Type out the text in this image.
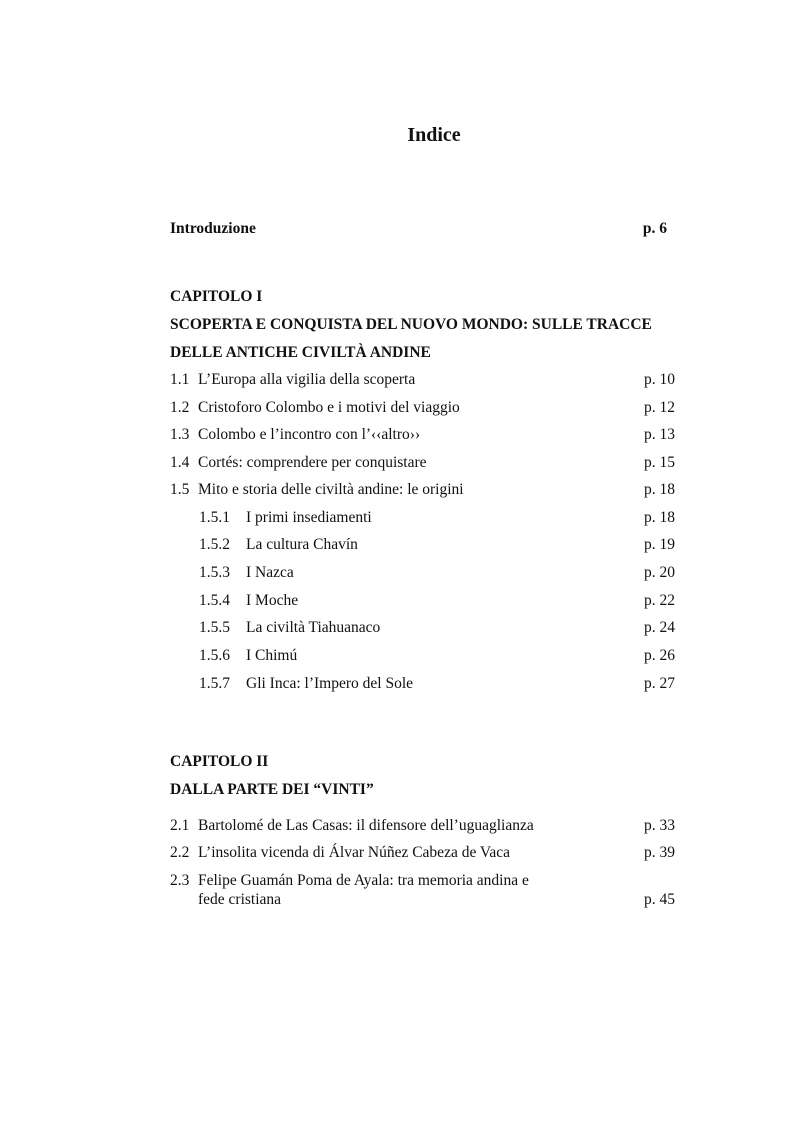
Indice
Introduzione	p. 6
CAPITOLO I
SCOPERTA E CONQUISTA DEL NUOVO MONDO: SULLE TRACCE
DELLE ANTICHE CIVILTÀ ANDINE
1.1 L’Europa alla vigilia della scoperta	p. 10
1.2 Cristoforo Colombo e i motivi del viaggio	p. 12
1.3 Colombo e l’incontro con l’‹‹altro››	p. 13
1.4 Cortés: comprendere per conquistare	p. 15
1.5 Mito e storia delle civiltà andine: le origini	p. 18
1.5.1 I primi insediamenti	p. 18
1.5.2 La cultura Chavín	p. 19
1.5.3 I Nazca	p. 20
1.5.4 I Moche	p. 22
1.5.5 La civiltà Tiahuanaco	p. 24
1.5.6 I Chimú	p. 26
1.5.7 Gli Inca: l’Impero del Sole	p. 27
CAPITOLO II
DALLA PARTE DEI “VINTI”
2.1 Bartolomé de Las Casas: il difensore dell’uguaglianza	p. 33
2.2 L’insolita vicenda di Álvar Núñez Cabeza de Vaca	p. 39
2.3 Felipe Guamán Poma de Ayala: tra memoria andina e
fede cristiana	p. 45
